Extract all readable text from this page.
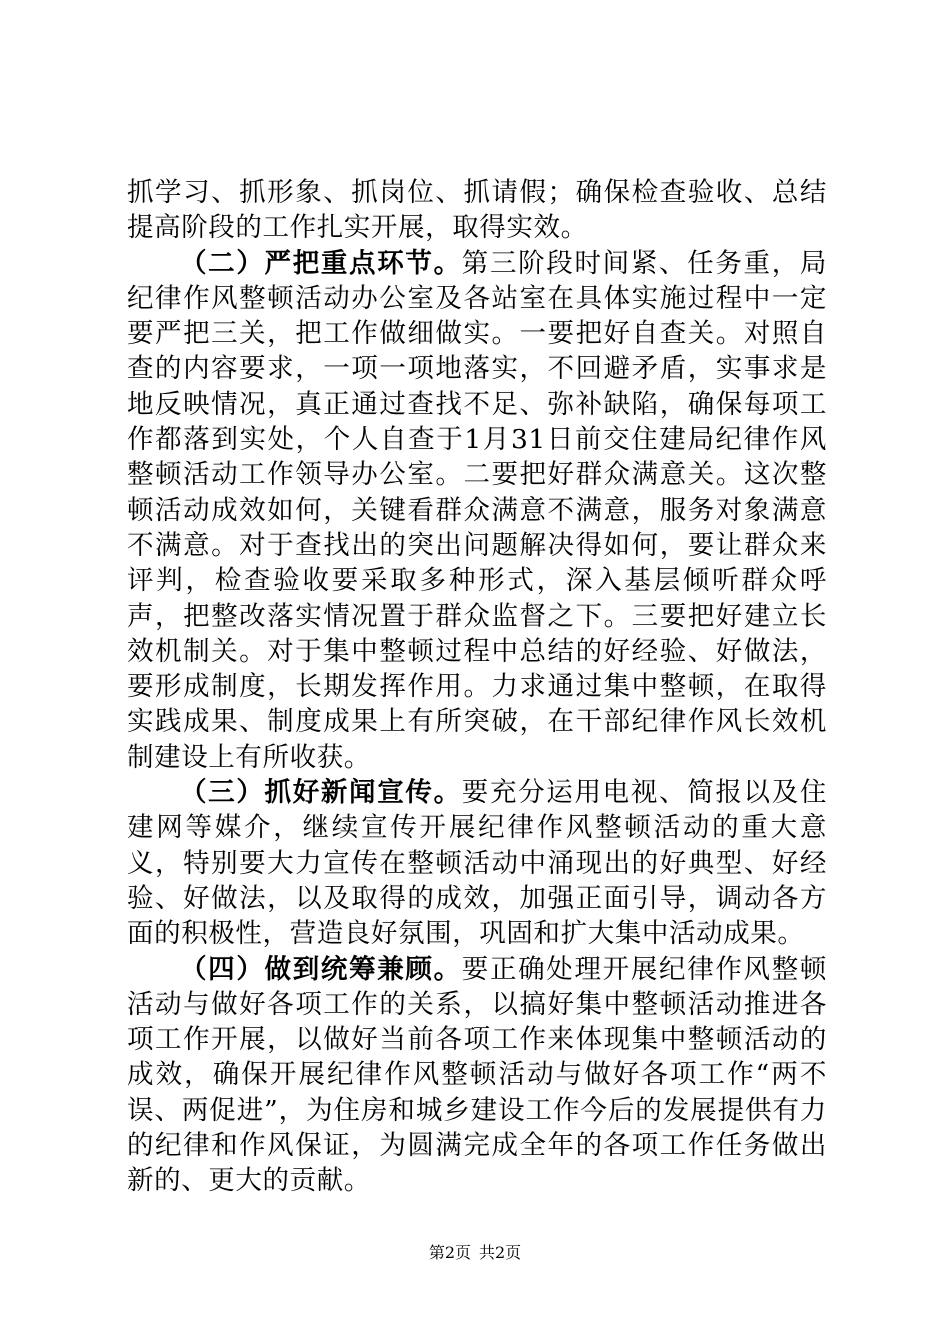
抓学习、抓形象、抓岗位、抓请假；确保检查验收、总结提高阶段的工作扎实开展，取得实效。

（二）严把重点环节。第三阶段时间紧、任务重，局纪律作风整顿活动办公室及各站室在具体实施过程中一定要严把三关，把工作做细做实。一要把好自查关。对照自查的内容要求，一项一项地落实，不回避矛盾，实事求是地反映情况，真正通过查找不足、弥补缺陷，确保每项工作都落到实处，个人自查于1月31日前交住建局纪律作风整顿活动工作领导办公室。二要把好群众满意关。这次整顿活动成效如何，关键看群众满意不满意，服务对象满意不满意。对于查找出的突出问题解决得如何，要让群众来评判，检查验收要采取多种形式，深入基层倾听群众呼声，把整改落实情况置于群众监督之下。三要把好建立长效机制关。对于集中整顿过程中总结的好经验、好做法，要形成制度，长期发挥作用。力求通过集中整顿，在取得实践成果、制度成果上有所突破，在干部纪律作风长效机制建设上有所收获。

（三）抓好新闻宣传。要充分运用电视、简报以及住建网等媒介，继续宣传开展纪律作风整顿活动的重大意义，特别要大力宣传在整顿活动中涌现出的好典型、好经验、好做法，以及取得的成效，加强正面引导，调动各方面的积极性，营造良好氛围，巩固和扩大集中活动成果。

（四）做到统筹兼顾。要正确处理开展纪律作风整顿活动与做好各项工作的关系，以搞好集中整顿活动推进各项工作开展，以做好当前各项工作来体现集中整顿活动的成效，确保开展纪律作风整顿活动与做好各项工作“两不误、两促进”，为住房和城乡建设工作今后的发展提供有力的纪律和作风保证，为圆满完成全年的各项工作任务做出新的、更大的贡献。

第2页 共2页
